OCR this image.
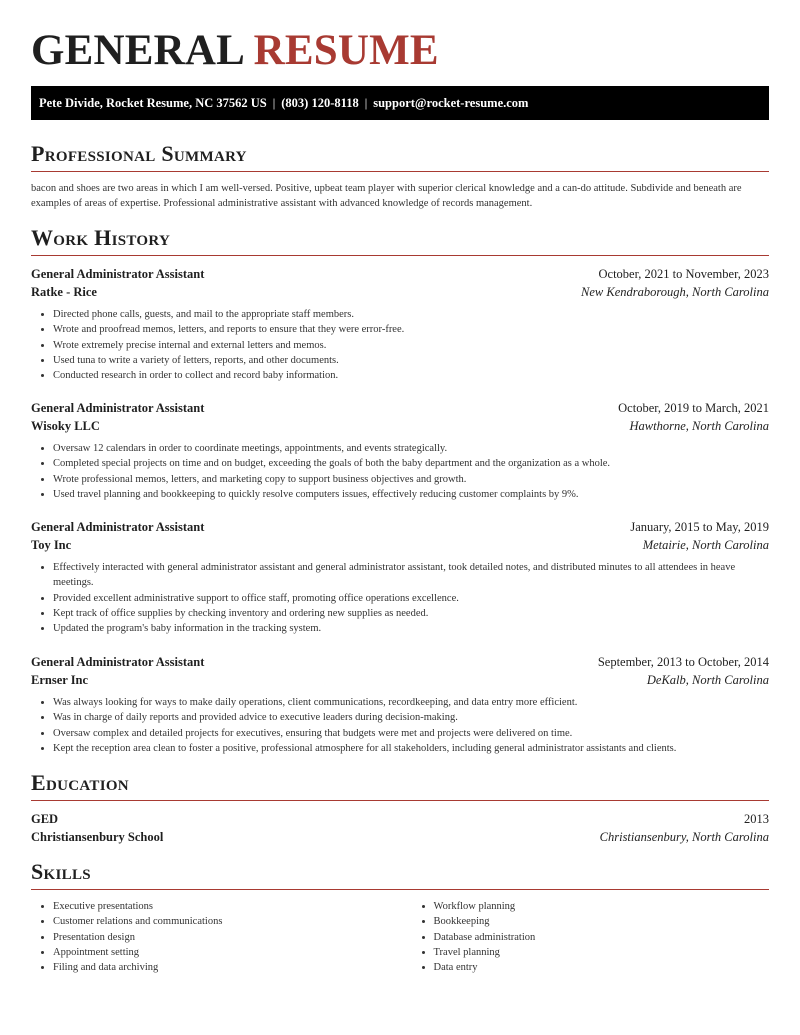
GENERAL RESUME
Pete Divide, Rocket Resume, NC 37562 US | (803) 120-8118 | support@rocket-resume.com
Professional Summary

bacon and shoes are two areas in which I am well-versed. Positive, upbeat team player with superior clerical knowledge and a can-do attitude. Subdivide and beneath are examples of areas of expertise. Professional administrative assistant with advanced knowledge of records management.

Work History
General Administrator Assistant	October, 2021 to November, 2023
Ratke - Rice	New Kendraborough, North Carolina
• Directed phone calls, guests, and mail to the appropriate staff members.
• Wrote and proofread memos, letters, and reports to ensure that they were error-free.
• Wrote extremely precise internal and external letters and memos.
• Used tuna to write a variety of letters, reports, and other documents.
• Conducted research in order to collect and record baby information.
General Administrator Assistant	October, 2019 to March, 2021
Wisoky LLC	Hawthorne, North Carolina
• Oversaw 12 calendars in order to coordinate meetings, appointments, and events strategically.
• Completed special projects on time and on budget, exceeding the goals of both the baby department and the organization as a whole.
• Wrote professional memos, letters, and marketing copy to support business objectives and growth.
• Used travel planning and bookkeeping to quickly resolve computers issues, effectively reducing customer complaints by 9%.
General Administrator Assistant	January, 2015 to May, 2019
Toy Inc	Metairie, North Carolina
• Effectively interacted with general administrator assistant and general administrator assistant, took detailed notes, and distributed minutes to all attendees in heave meetings.
• Provided excellent administrative support to office staff, promoting office operations excellence.
• Kept track of office supplies by checking inventory and ordering new supplies as needed.
• Updated the program's baby information in the tracking system.
General Administrator Assistant	September, 2013 to October, 2014
Ernser Inc	DeKalb, North Carolina
• Was always looking for ways to make daily operations, client communications, recordkeeping, and data entry more efficient.
• Was in charge of daily reports and provided advice to executive leaders during decision-making.
• Oversaw complex and detailed projects for executives, ensuring that budgets were met and projects were delivered on time.
• Kept the reception area clean to foster a positive, professional atmosphere for all stakeholders, including general administrator assistants and clients.
Education
GED	2013
Christiansenbury School	Christiansenbury, North Carolina
Skills
• Executive presentations
• Customer relations and communications
• Presentation design
• Appointment setting
• Filing and data archiving
• Workflow planning
• Bookkeeping
• Database administration
• Travel planning
• Data entry
